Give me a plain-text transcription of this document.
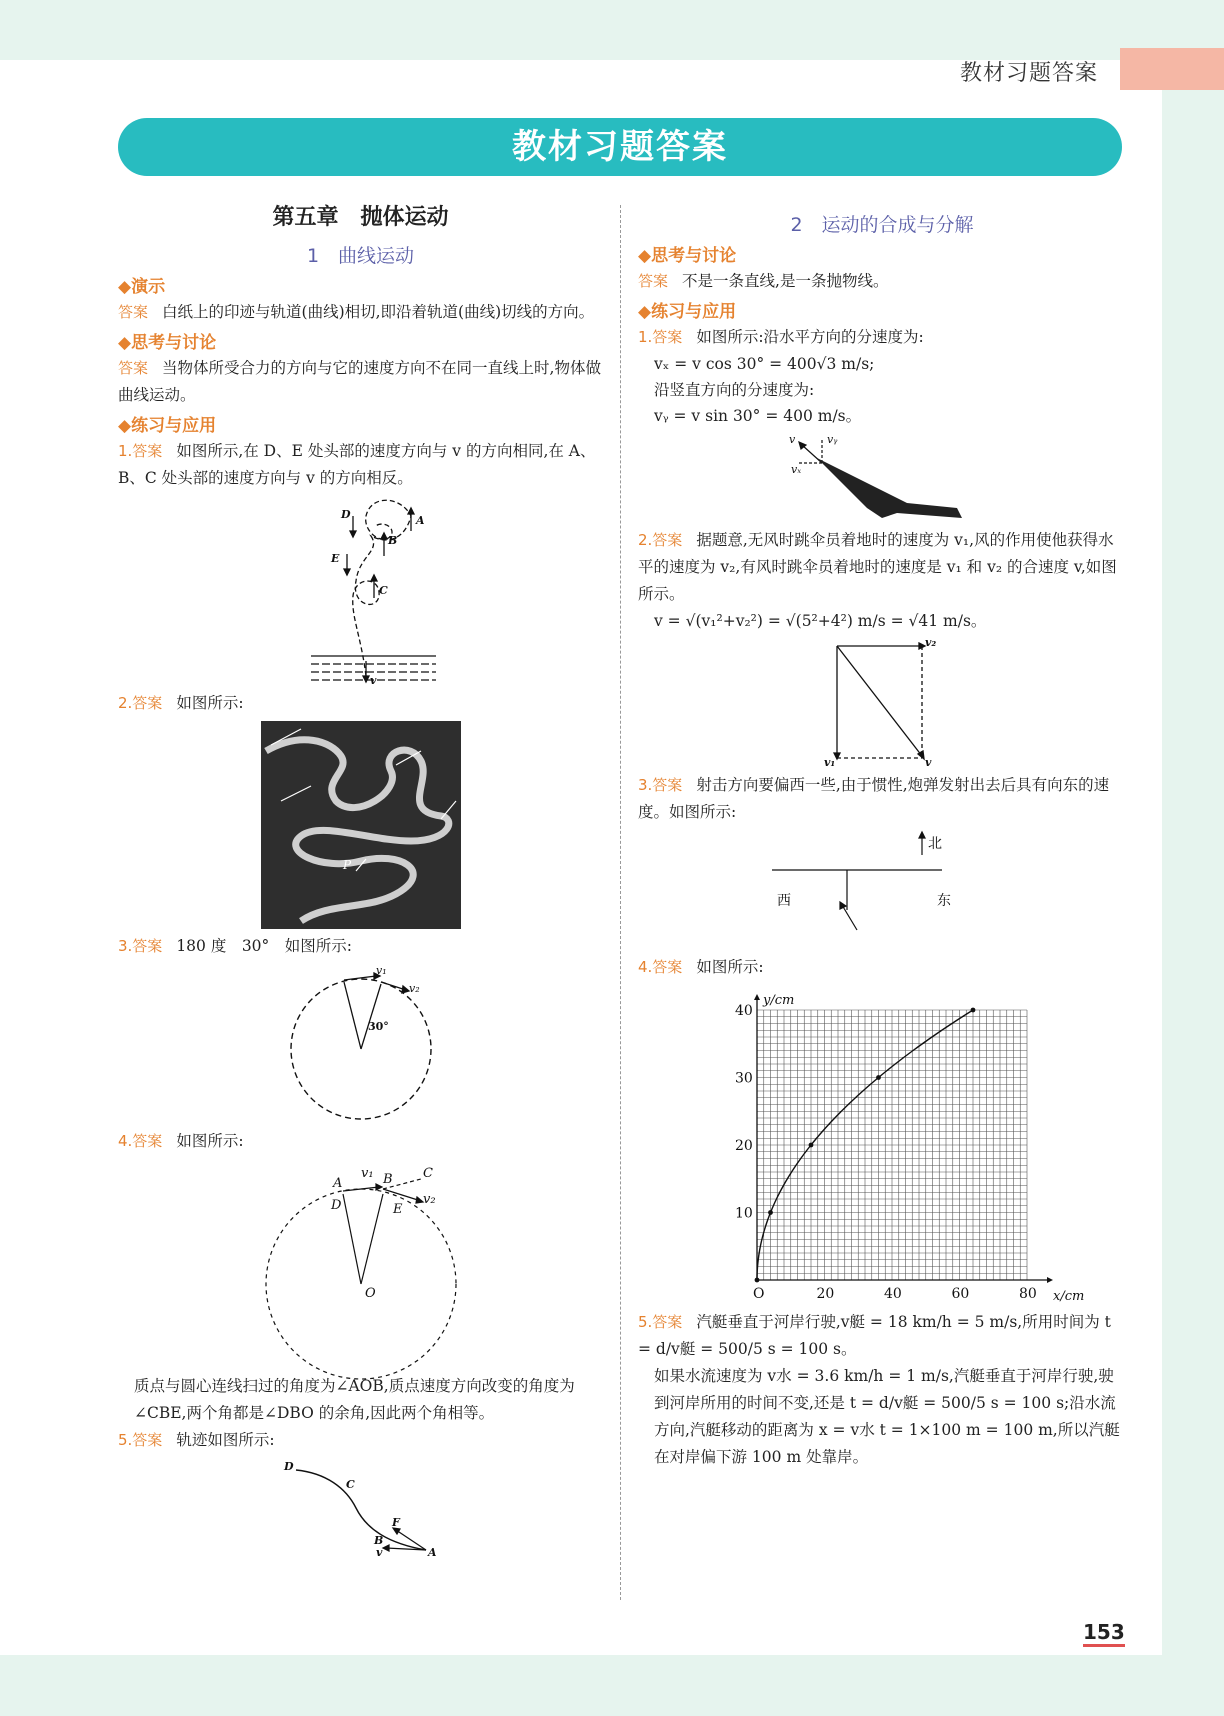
教材习题答案
教材习题答案
第五章　抛体运动
1　曲线运动
◆演示

答案 白纸上的印迹与轨道(曲线)相切,即沿着轨道(曲线)切线的方向。

◆思考与讨论

答案 当物体所受合力的方向与它的速度方向不在同一直线上时,物体做曲线运动。

◆练习与应用

1.答案 如图所示,在 D、E 处头部的速度方向与 v 的方向相同,在 A、B、C 处头部的速度方向与 v 的方向相反。

D	A
B
E
C
v

2.答案 如图所示:

P

3.答案 180 度　30°　如图所示:

v₁
v₂
30°

4.答案 如图所示:

A
v₁ B C
D	E
v₂
O

质点与圆心连线扫过的角度为∠AOB,质点速度方向改变的角度为∠CBE,两个角都是∠DBO 的余角,因此两个角相等。

5.答案 轨迹如图所示:

D
C
F
B
v	A
2　运动的合成与分解
◆思考与讨论

答案 不是一条直线,是一条抛物线。

◆练习与应用

1.答案 如图所示:沿水平方向的分速度为:

vₓ = v cos 30° = 400√3 m/s;

沿竖直方向的分速度为:

vᵧ = v sin 30° = 400 m/s。

v	vᵧ
vₓ

2.答案 据题意,无风时跳伞员着地时的速度为 v₁,风的作用使他获得水平的速度为 v₂,有风时跳伞员着地时的速度是 v₁ 和 v₂ 的合速度 v,如图所示。

v = √(v₁²+v₂²) = √(5²+4²) m/s = √41 m/s。

v₂
v₁	v

3.答案 射击方向要偏西一些,由于惯性,炮弹发射出去后具有向东的速度。如图所示:

北
西	东

4.答案 如图所示:

O	20	40	60	80
10
20
30
40
x/cm
y/cm

5.答案 汽艇垂直于河岸行驶,v艇 = 18 km/h = 5 m/s,所用时间为 t = d/v艇 = 500/5 s = 100 s。

如果水流速度为 v水 = 3.6 km/h = 1 m/s,汽艇垂直于河岸行驶,驶到河岸所用的时间不变,还是 t = d/v艇 = 500/5 s = 100 s;沿水流方向,汽艇移动的距离为 x = v水 t = 1×100 m = 100 m,所以汽艇在对岸偏下游 100 m 处靠岸。

153
